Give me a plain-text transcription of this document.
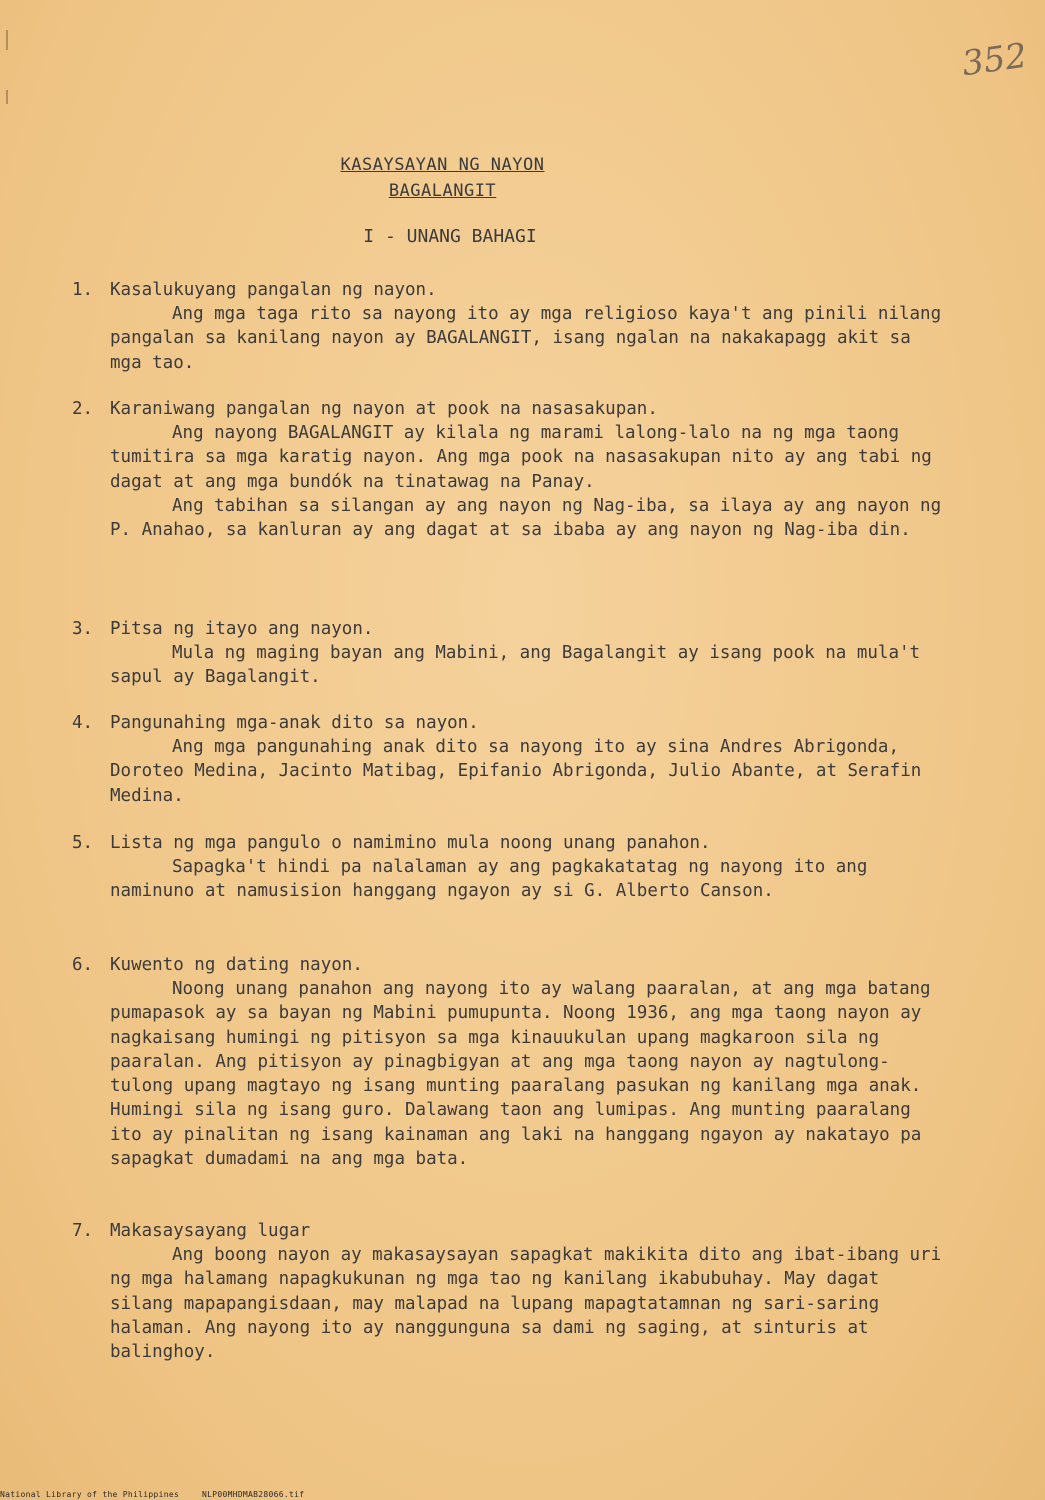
352
KASAYSAYAN NG NAYON
BAGALANGIT
I - UNANG BAHAGI
1. Kasalukuyang pangalan ng nayon.

Ang mga taga rito sa nayong ito ay mga religioso kaya't ang pinili nilang pangalan sa kanilang nayon ay BAGALANGIT, isang ngalan na nakakapagg akit sa mga tao.

2. Karaniwang pangalan ng nayon at pook na nasasakupan.

Ang nayong BAGALANGIT ay kilala ng marami lalong-lalo na ng mga taong tumitira sa mga karatig nayon. Ang mga pook na nasasakupan nito ay ang tabi ng dagat at ang mga bundók na tinatawag na Panay.

Ang tabihan sa silangan ay ang nayon ng Nag-iba, sa ilaya ay ang nayon ng P. Anahao, sa kanluran ay ang dagat at sa ibaba ay ang nayon ng Nag-iba din.

3. Pitsa ng itayo ang nayon.

Mula ng maging bayan ang Mabini, ang Bagalangit ay isang pook na mula't sapul ay Bagalangit.

4. Pangunahing mga-anak dito sa nayon.

Ang mga pangunahing anak dito sa nayong ito ay sina Andres Abrigonda, Doroteo Medina, Jacinto Matibag, Epifanio Abrigonda, Julio Abante, at Serafin Medina.

5. Lista ng mga pangulo o namimino mula noong unang panahon.

Sapagka't hindi pa nalalaman ay ang pagkakatatag ng nayong ito ang naminuno at namusision hanggang ngayon ay si G. Alberto Canson.

6. Kuwento ng dating nayon.

Noong unang panahon ang nayong ito ay walang paaralan, at ang mga batang pumapasok ay sa bayan ng Mabini pumupunta. Noong 1936, ang mga taong nayon ay nagkaisang humingi ng pitisyon sa mga kinauukulan upang magkaroon sila ng paaralan. Ang pitisyon ay pinagbigyan at ang mga taong nayon ay nagtulong-tulong upang magtayo ng isang munting paaralang pasukan ng kanilang mga anak. Humingi sila ng isang guro. Dalawang taon ang lumipas. Ang munting paaralang ito ay pinalitan ng isang kainaman ang laki na hanggang ngayon ay nakatayo pa sapagkat dumadami na ang mga bata.

7. Makasaysayang lugar

Ang boong nayon ay makasaysayan sapagkat makikita dito ang ibat-ibang uri ng mga halamang napagkukunan ng mga tao ng kanilang ikabubuhay. May dagat silang mapapangisdaan, may malapad na lupang mapagtatamnan ng sari-saring halaman. Ang nayong ito ay nanggunguna sa dami ng saging, at sinturis at balinghoy.

National Library of the Philippines	NLP00MHDMAB28066.tif
